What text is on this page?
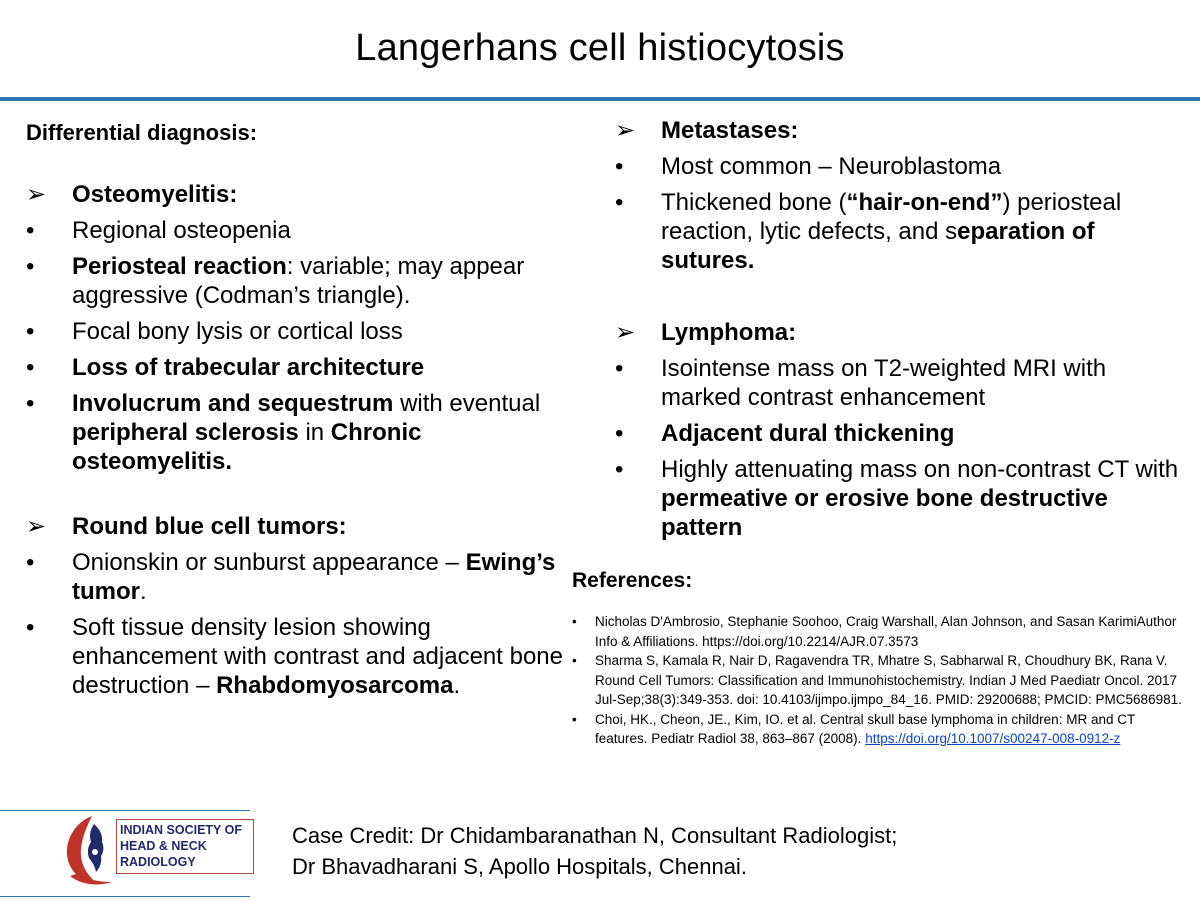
Langerhans cell histiocytosis
Differential diagnosis:
➢	Osteomyelitis:
•	Regional osteopenia
•	Periosteal reaction: variable; may appear aggressive (Codman’s triangle).
•	Focal bony lysis or cortical loss
•	Loss of trabecular architecture
•	Involucrum and sequestrum with eventual peripheral sclerosis in Chronic osteomyelitis.
➢	Round blue cell tumors:
•	Onionskin or sunburst appearance – Ewing’s tumor.
•	Soft tissue density lesion showing enhancement with contrast and adjacent bone destruction – Rhabdomyosarcoma.
➢	Metastases:
•	Most common – Neuroblastoma
•	Thickened bone (“hair-on-end”) periosteal reaction, lytic defects, and separation of sutures.
➢	Lymphoma:
•	Isointense mass on T2-weighted MRI with marked contrast enhancement
•	Adjacent dural thickening
•	Highly attenuating mass on non-contrast CT with permeative or erosive bone destructive pattern
References:
• Nicholas D'Ambrosio, Stephanie Soohoo, Craig Warshall, Alan Johnson, and Sasan KarimiAuthor Info & Affiliations. https://doi.org/10.2214/AJR.07.3573
• Sharma S, Kamala R, Nair D, Ragavendra TR, Mhatre S, Sabharwal R, Choudhury BK, Rana V. Round Cell Tumors: Classification and Immunohistochemistry. Indian J Med Paediatr Oncol. 2017 Jul-Sep;38(3):349-353. doi: 10.4103/ijmpo.ijmpo_84_16. PMID: 29200688; PMCID: PMC5686981.
• Choi, HK., Cheon, JE., Kim, IO. et al. Central skull base lymphoma in children: MR and CT features. Pediatr Radiol 38, 863–867 (2008). https://doi.org/10.1007/s00247-008-0912-z
INDIAN SOCIETY OF
HEAD & NECK
RADIOLOGY
Case Credit: Dr Chidambaranathan N, Consultant Radiologist;
Dr Bhavadharani S, Apollo Hospitals, Chennai.
